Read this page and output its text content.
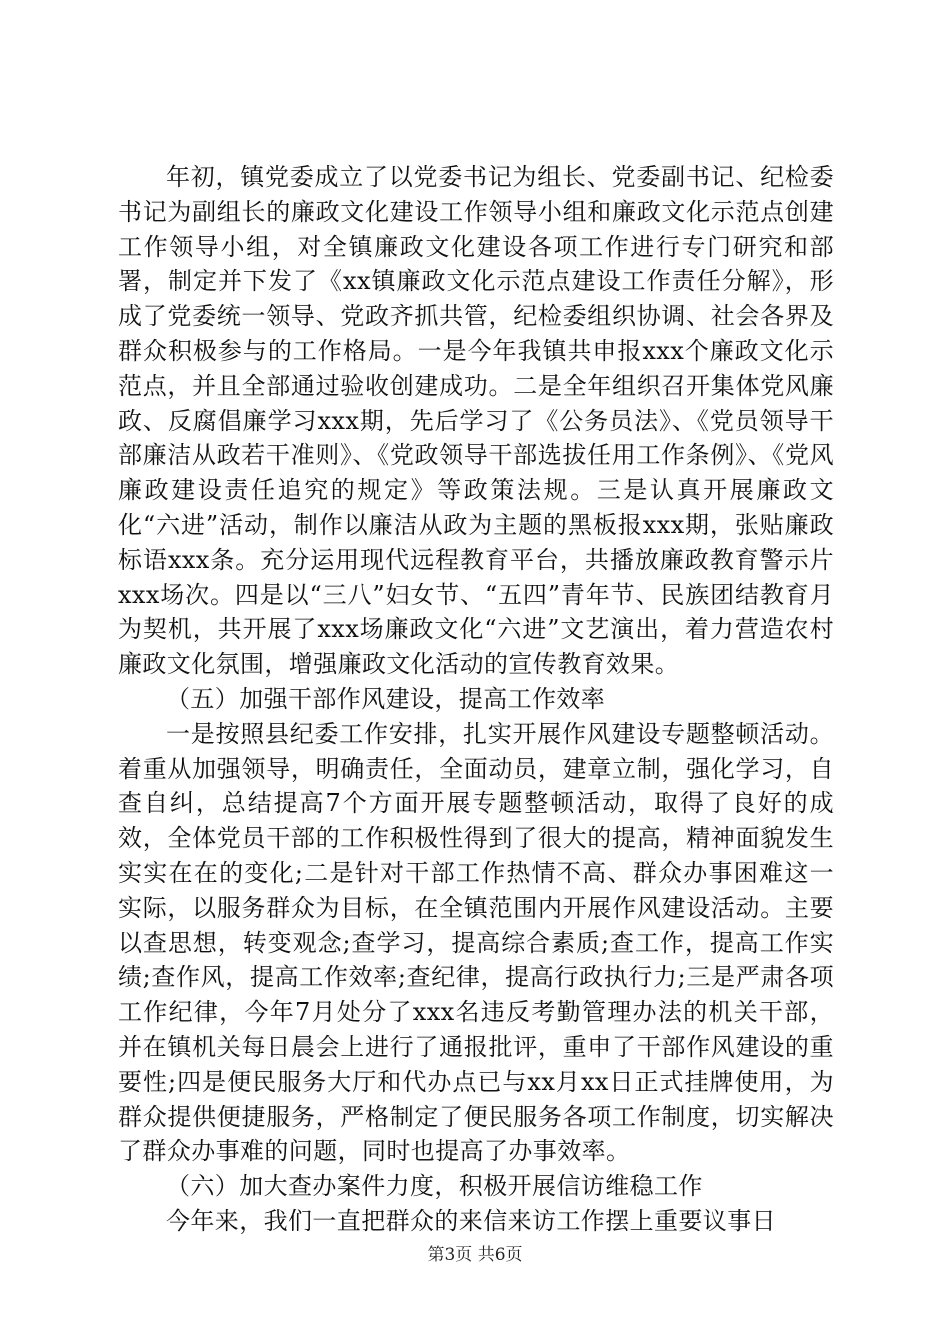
年初，镇党委成立了以党委书记为组长、党委副书记、纪检委书记为副组长的廉政文化建设工作领导小组和廉政文化示范点创建工作领导小组，对全镇廉政文化建设各项工作进行专门研究和部署，制定并下发了《xx镇廉政文化示范点建设工作责任分解》，形成了党委统一领导、党政齐抓共管，纪检委组织协调、社会各界及群众积极参与的工作格局。一是今年我镇共申报xxx个廉政文化示范点，并且全部通过验收创建成功。二是全年组织召开集体党风廉政、反腐倡廉学习xxx期，先后学习了《公务员法》、《党员领导干部廉洁从政若干准则》、《党政领导干部选拔任用工作条例》、《党风廉政建设责任追究的规定》等政策法规。三是认真开展廉政文化“六进”活动，制作以廉洁从政为主题的黑板报xxx期，张贴廉政标语xxx条。充分运用现代远程教育平台，共播放廉政教育警示片xxx场次。四是以“三八”妇女节、“五四”青年节、民族团结教育月为契机，共开展了xxx场廉政文化“六进”文艺演出，着力营造农村廉政文化氛围，增强廉政文化活动的宣传教育效果。

（五）加强干部作风建设，提高工作效率

一是按照县纪委工作安排，扎实开展作风建设专题整顿活动。着重从加强领导，明确责任，全面动员，建章立制，强化学习，自查自纠，总结提高7个方面开展专题整顿活动，取得了良好的成效，全体党员干部的工作积极性得到了很大的提高，精神面貌发生实实在在的变化;二是针对干部工作热情不高、群众办事困难这一实际，以服务群众为目标，在全镇范围内开展作风建设活动。主要以查思想，转变观念;查学习，提高综合素质;查工作，提高工作实绩;查作风，提高工作效率;查纪律，提高行政执行力;三是严肃各项工作纪律，今年7月处分了xxx名违反考勤管理办法的机关干部，并在镇机关每日晨会上进行了通报批评，重申了干部作风建设的重要性;四是便民服务大厅和代办点已与xx月xx日正式挂牌使用，为群众提供便捷服务，严格制定了便民服务各项工作制度，切实解决了群众办事难的问题，同时也提高了办事效率。

（六）加大查办案件力度，积极开展信访维稳工作

今年来，我们一直把群众的来信来访工作摆上重要议事日

第3页 共6页
